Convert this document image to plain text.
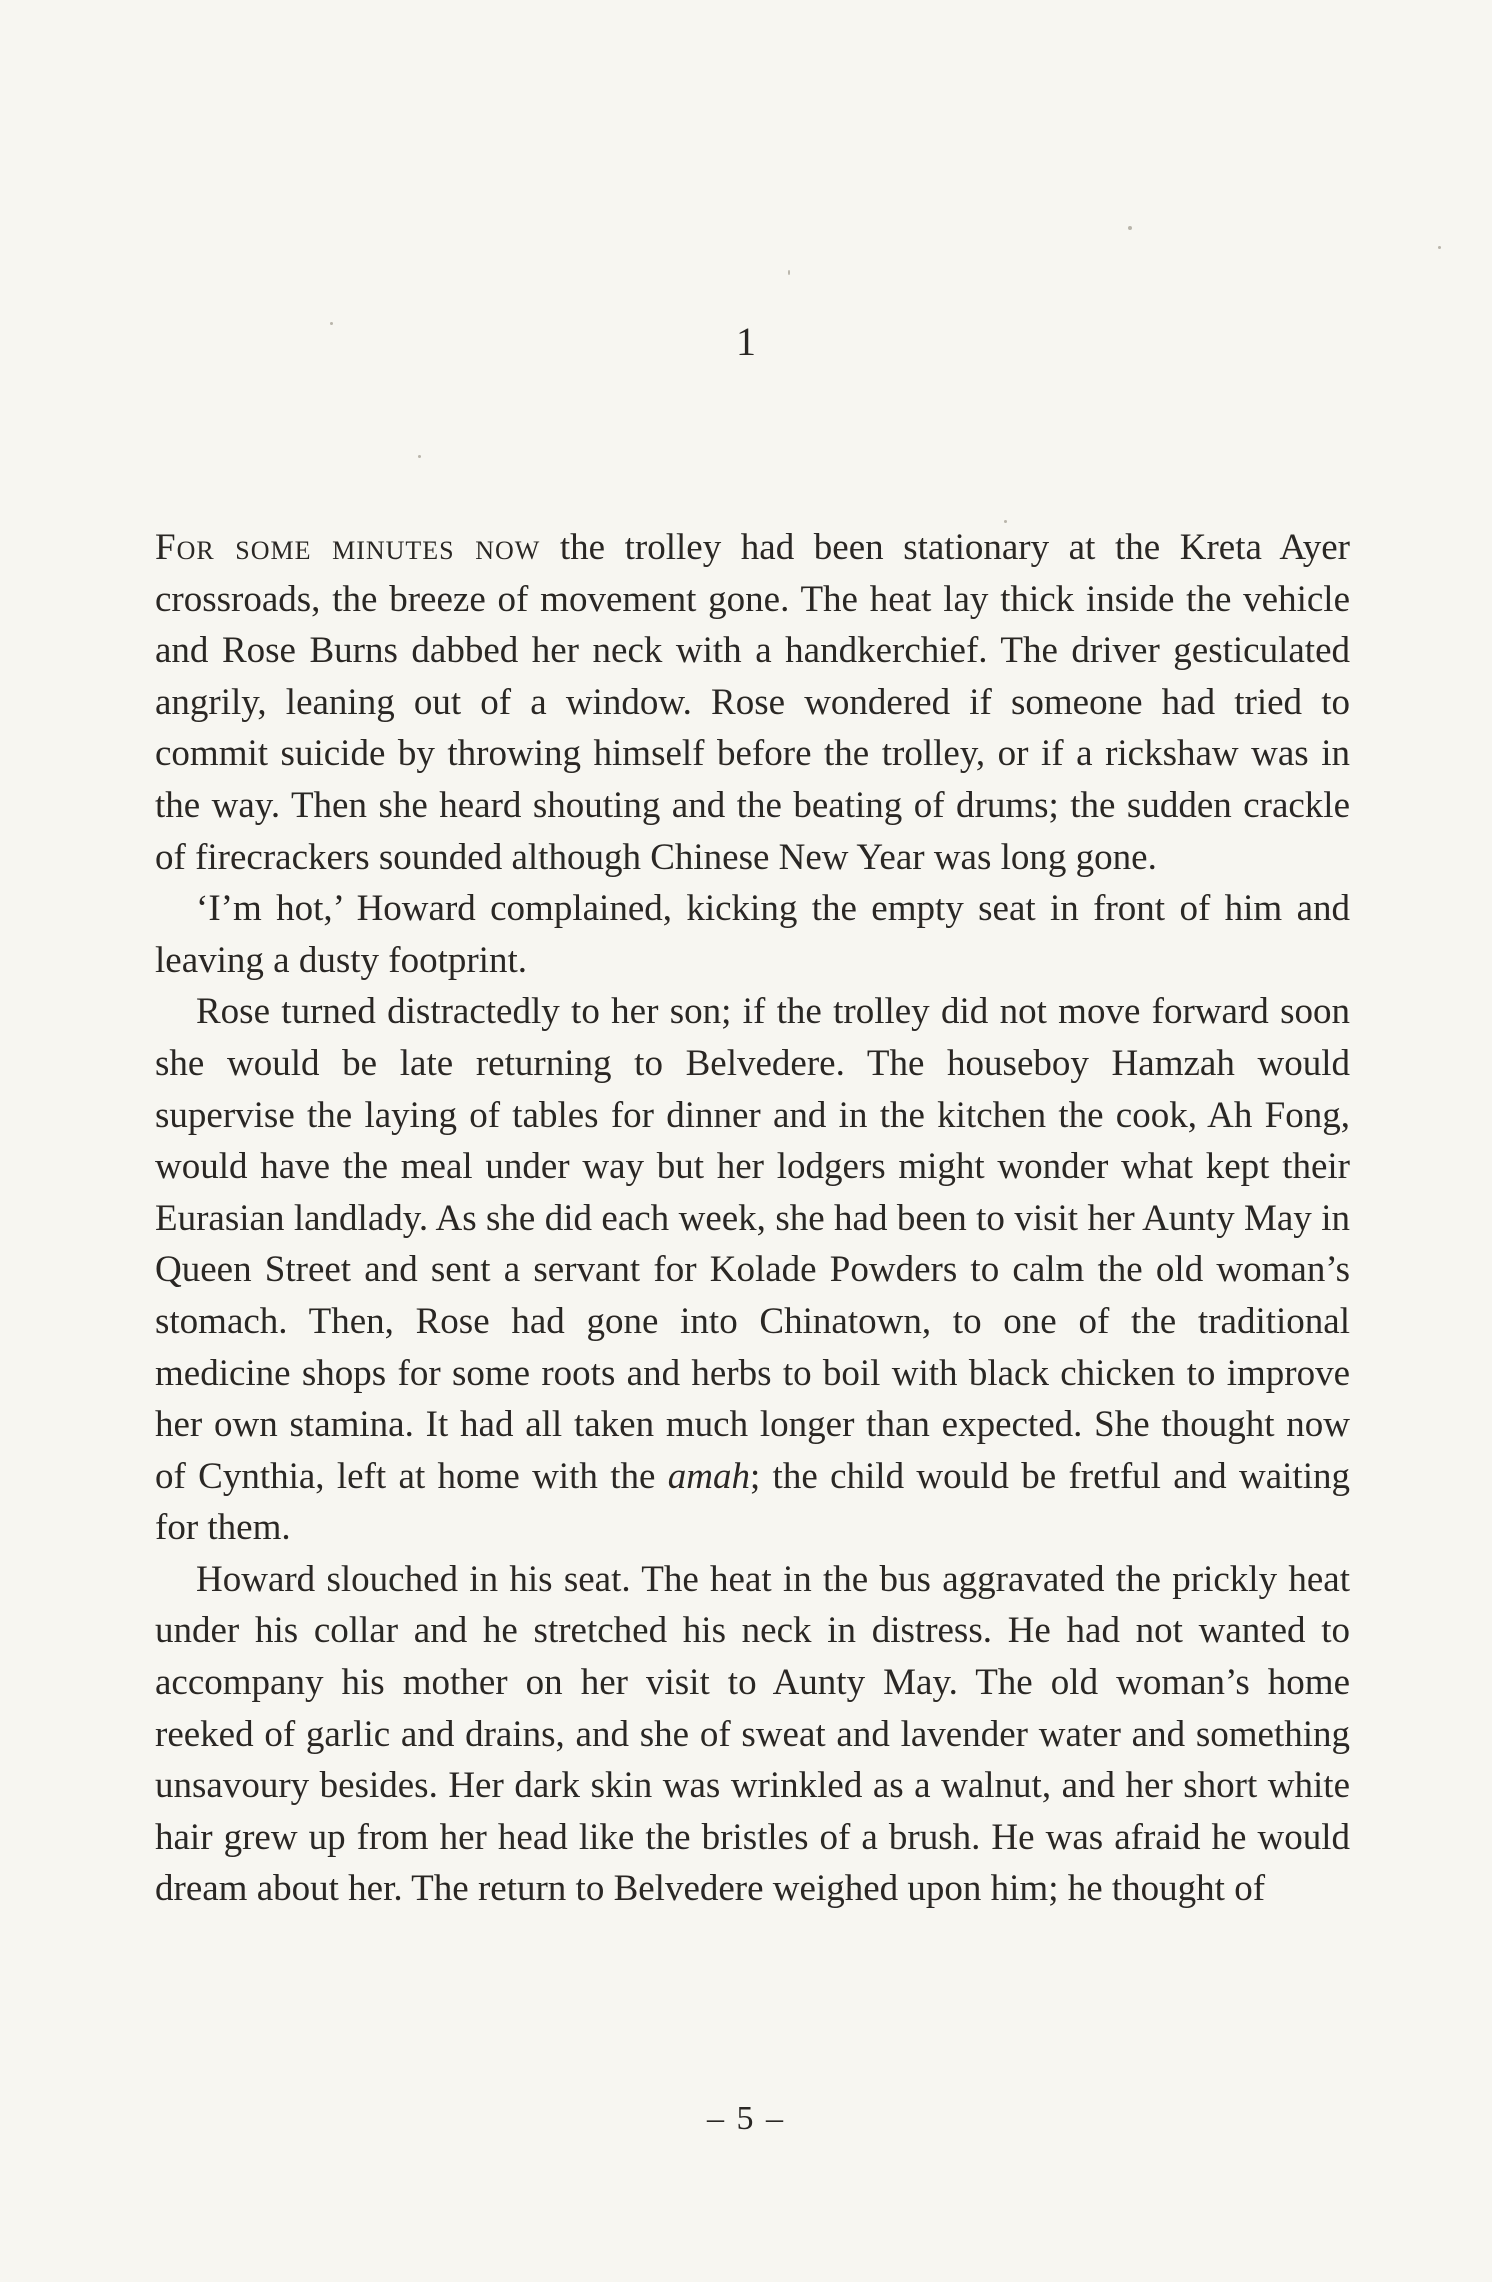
1

For some minutes now the trolley had been stationary at the Kreta Ayer crossroads, the breeze of movement gone. The heat lay thick inside the vehicle and Rose Burns dabbed her neck with a handkerchief. The driver gesticulated angrily, leaning out of a window. Rose wondered if someone had tried to commit suicide by throwing himself before the trolley, or if a rickshaw was in the way. Then she heard shouting and the beating of drums; the sudden crackle of firecrackers sounded although Chinese New Year was long gone.

‘I’m hot,’ Howard complained, kicking the empty seat in front of him and leaving a dusty footprint.

Rose turned distractedly to her son; if the trolley did not move forward soon she would be late returning to Belvedere. The houseboy Hamzah would supervise the laying of tables for dinner and in the kitchen the cook, Ah Fong, would have the meal under way but her lodgers might wonder what kept their Eurasian landlady. As she did each week, she had been to visit her Aunty May in Queen Street and sent a servant for Kolade Powders to calm the old woman’s stomach. Then, Rose had gone into Chinatown, to one of the traditional medicine shops for some roots and herbs to boil with black chicken to improve her own stamina. It had all taken much longer than expected. She thought now of Cynthia, left at home with the amah; the child would be fretful and waiting for them.

Howard slouched in his seat. The heat in the bus aggravated the prickly heat under his collar and he stretched his neck in distress. He had not wanted to accompany his mother on her visit to Aunty May. The old woman’s home reeked of garlic and drains, and she of sweat and lavender water and something unsavoury besides. Her dark skin was wrinkled as a walnut, and her short white hair grew up from her head like the bristles of a brush. He was afraid he would dream about her. The return to Belvedere weighed upon him; he thought of

– 5 –
